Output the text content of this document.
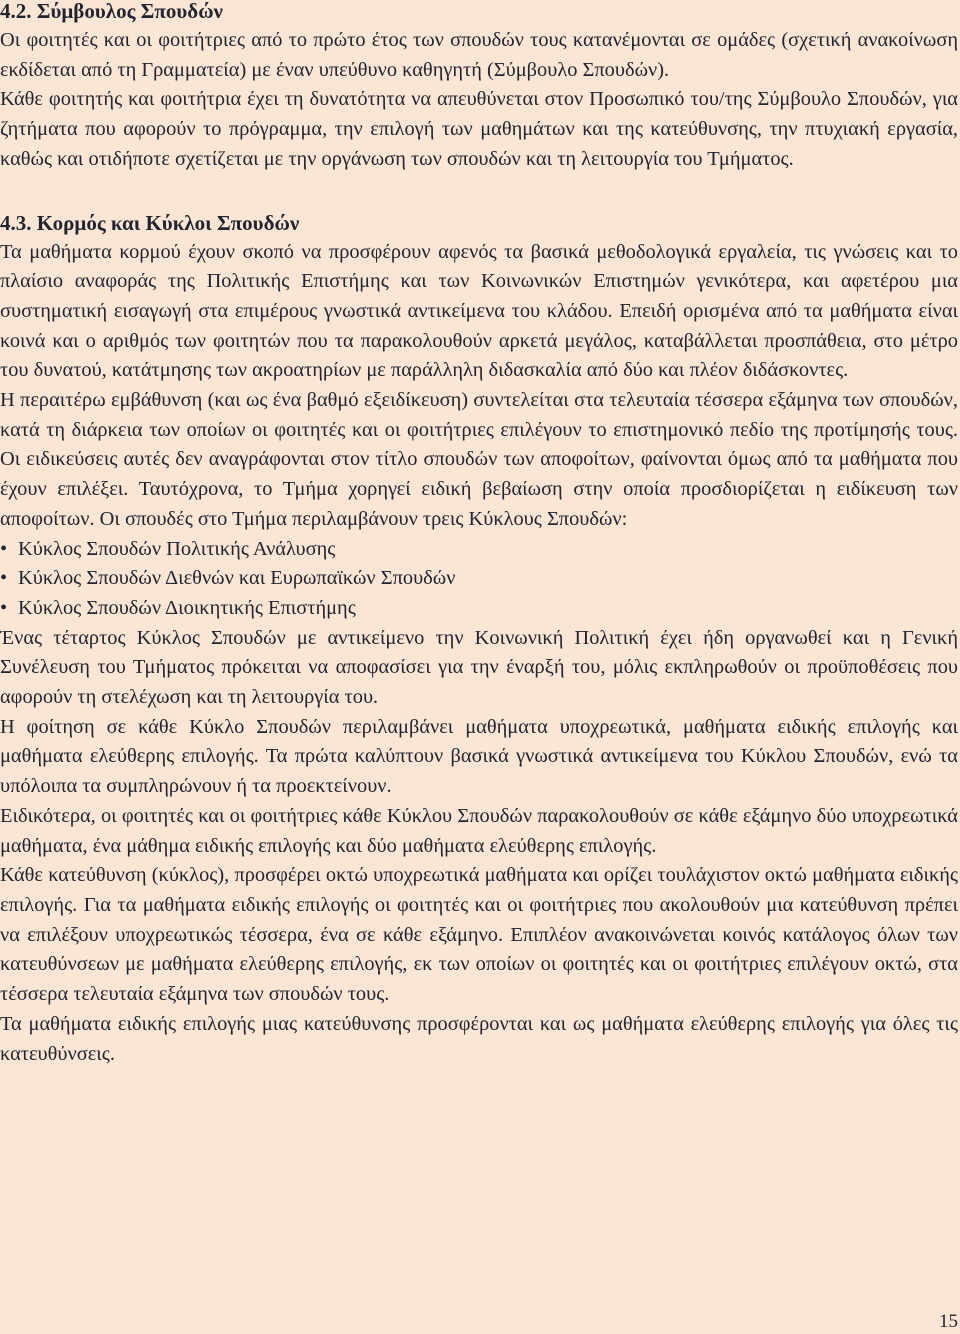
4.2. Σύμβουλος Σπουδών

Οι φοιτητές και οι φοιτήτριες από το πρώτο έτος των σπουδών τους κατανέμονται σε ομάδες (σχετική ανακοίνωση εκδίδεται από τη Γραμματεία) με έναν υπεύθυνο καθηγητή (Σύμβουλο Σπουδών).

Κάθε φοιτητής και φοιτήτρια έχει τη δυνατότητα να απευθύνεται στον Προσωπικό του/της Σύμβουλο Σπουδών, για ζητήματα που αφορούν το πρόγραμμα, την επιλογή των μαθημάτων και της κατεύθυνσης, την πτυχιακή εργασία, καθώς και οτιδήποτε σχετίζεται με την οργάνωση των σπουδών και τη λειτουργία του Τμήματος.

4.3. Κορμός και Κύκλοι Σπουδών

Τα μαθήματα κορμού έχουν σκοπό να προσφέρουν αφενός τα βασικά μεθοδολογικά εργαλεία, τις γνώσεις και το πλαίσιο αναφοράς της Πολιτικής Επιστήμης και των Κοινωνικών Επιστημών γενικότερα, και αφετέρου μια συστηματική εισαγωγή στα επιμέρους γνωστικά αντικείμενα του κλάδου. Επειδή ορισμένα από τα μαθήματα είναι κοινά και ο αριθμός των φοιτητών που τα παρακολουθούν αρκετά μεγάλος, καταβάλλεται προσπάθεια, στο μέτρο του δυνατού, κατάτμησης των ακροατηρίων με παράλληλη διδασκαλία από δύο και πλέον διδάσκοντες.

Η περαιτέρω εμβάθυνση (και ως ένα βαθμό εξειδίκευση) συντελείται στα τελευταία τέσσερα εξάμηνα των σπουδών, κατά τη διάρκεια των οποίων οι φοιτητές και οι φοιτήτριες επιλέγουν το επιστημονικό πεδίο της προτίμησής τους. Οι ειδικεύσεις αυτές δεν αναγράφονται στον τίτλο σπουδών των αποφοίτων, φαίνονται όμως από τα μαθήματα που έχουν επιλέξει. Ταυτόχρονα, το Τμήμα χορηγεί ειδική βεβαίωση στην οποία προσδιορίζεται η ειδίκευση των αποφοίτων. Οι σπουδές στο Τμήμα περιλαμβάνουν τρεις Κύκλους Σπουδών:

• Κύκλος Σπουδών Πολιτικής Ανάλυσης
• Κύκλος Σπουδών Διεθνών και Ευρωπαϊκών Σπουδών
• Κύκλος Σπουδών Διοικητικής Επιστήμης

Ένας τέταρτος Κύκλος Σπουδών με αντικείμενο την Κοινωνική Πολιτική έχει ήδη οργανωθεί και η Γενική Συνέλευση του Τμήματος πρόκειται να αποφασίσει για την έναρξή του, μόλις εκπληρωθούν οι προϋποθέσεις που αφορούν τη στελέχωση και τη λειτουργία του.

Η φοίτηση σε κάθε Κύκλο Σπουδών περιλαμβάνει μαθήματα υποχρεωτικά, μαθήματα ειδικής επιλογής και μαθήματα ελεύθερης επιλογής. Τα πρώτα καλύπτουν βασικά γνωστικά αντικείμενα του Κύκλου Σπουδών, ενώ τα υπόλοιπα τα συμπληρώνουν ή τα προεκτείνουν.

Ειδικότερα, οι φοιτητές και οι φοιτήτριες κάθε Κύκλου Σπουδών παρακολουθούν σε κάθε εξάμηνο δύο υποχρεωτικά μαθήματα, ένα μάθημα ειδικής επιλογής και δύο μαθήματα ελεύθερης επιλογής.

Κάθε κατεύθυνση (κύκλος), προσφέρει οκτώ υποχρεωτικά μαθήματα και ορίζει τουλάχιστον οκτώ μαθήματα ειδικής επιλογής. Για τα μαθήματα ειδικής επιλογής οι φοιτητές και οι φοιτήτριες που ακολουθούν μια κατεύθυνση πρέπει να επιλέξουν υποχρεωτικώς τέσσερα, ένα σε κάθε εξάμηνο. Επιπλέον ανακοινώνεται κοινός κατάλογος όλων των κατευθύνσεων με μαθήματα ελεύθερης επιλογής, εκ των οποίων οι φοιτητές και οι φοιτήτριες επιλέγουν οκτώ, στα τέσσερα τελευταία εξάμηνα των σπουδών τους.

Τα μαθήματα ειδικής επιλογής μιας κατεύθυνσης προσφέρονται και ως μαθήματα ελεύθερης επιλογής για όλες τις κατευθύνσεις.

15
